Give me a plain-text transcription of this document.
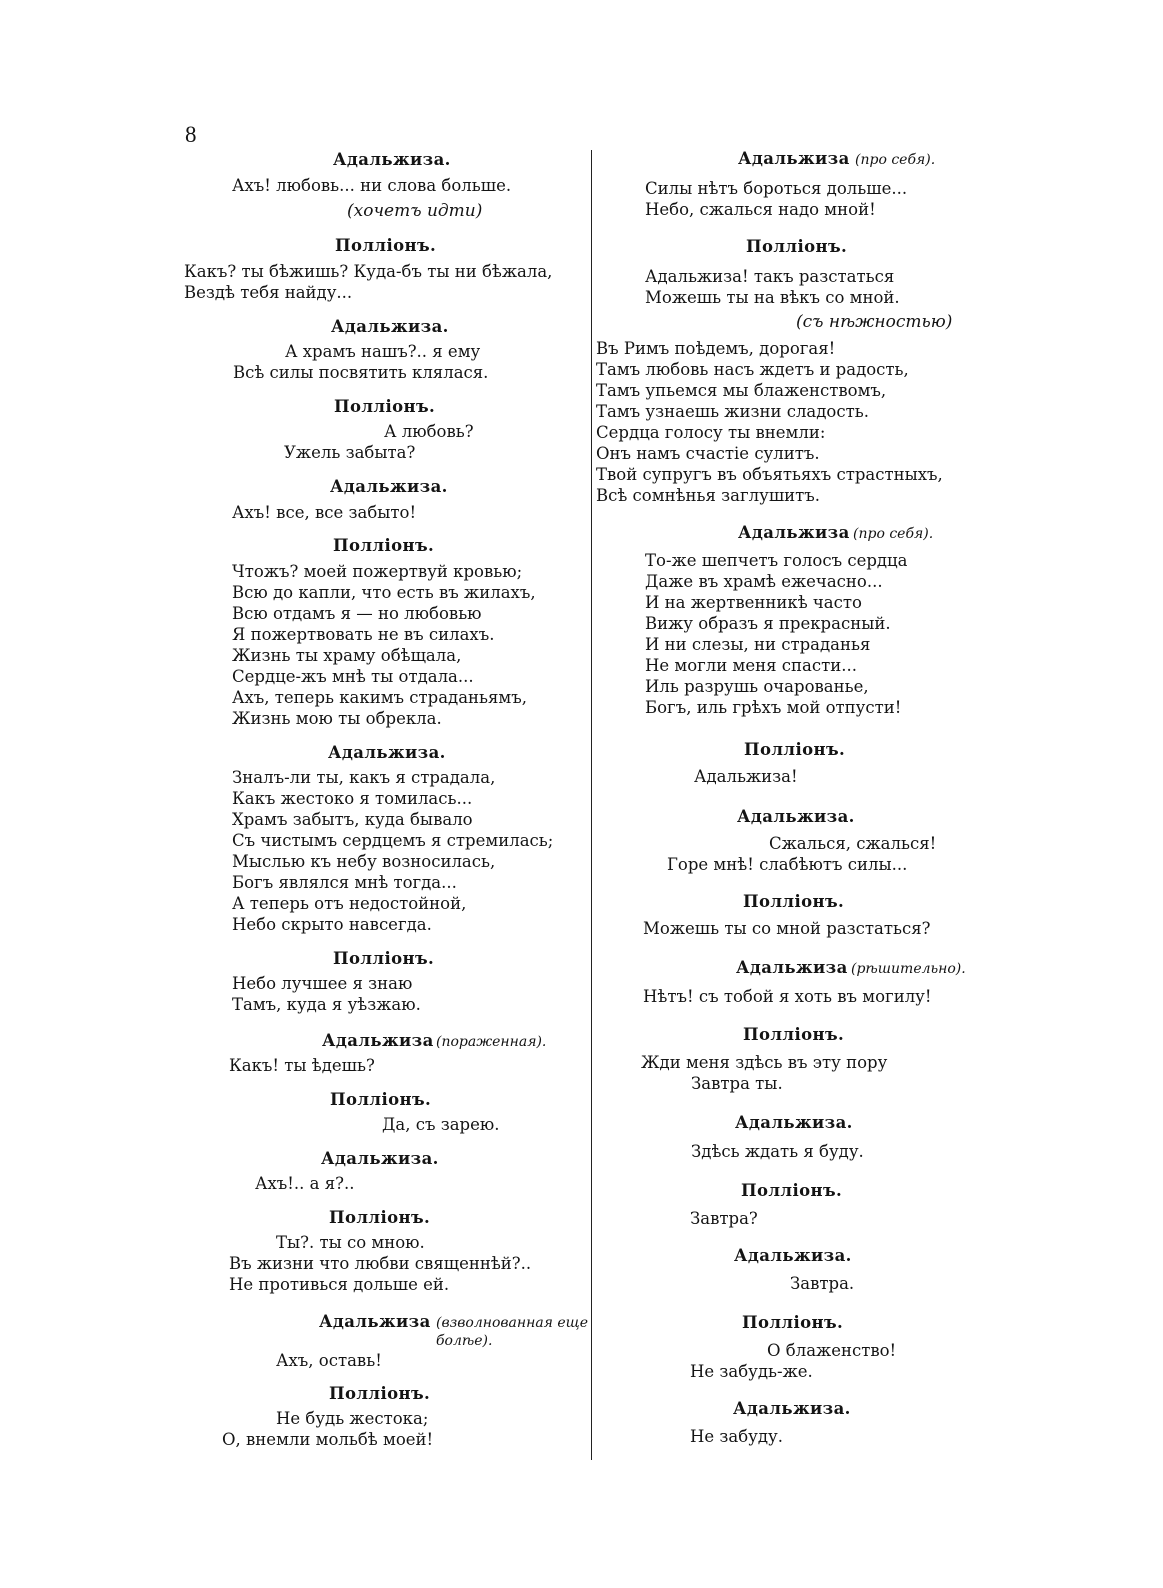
8
Адальжиза.
Ахъ! любовь... ни слова больше.
(хочетъ идти)
Поллiонъ.
Какъ? ты бѣжишь? Куда-бъ ты ни бѣжала,
Вездѣ тебя найду...
Адальжиза.
А храмъ нашъ?.. я ему
Всѣ силы посвятить клялася.
Поллiонъ.
А любовь?
Ужель забыта?
Адальжиза.
Ахъ! все, все забыто!
Поллiонъ.
Чтожъ? моей пожертвуй кровью;
Всю до капли, что есть въ жилахъ,
Всю отдамъ я — но любовью
Я пожертвовать не въ силахъ.
Жизнь ты храму обѣщала,
Сердце-жъ мнѣ ты отдала...
Ахъ, теперь какимъ страданьямъ,
Жизнь мою ты обрекла.
Адальжиза.
Зналъ-ли ты, какъ я страдала,
Какъ жестоко я томилась...
Храмъ забытъ, куда бывало
Съ чистымъ сердцемъ я стремилась;
Мыслью къ небу возносилась,
Богъ являлся мнѣ тогда...
А теперь отъ недостойной,
Небо скрыто навсегда.
Поллiонъ.
Небо лучшее я знаю
Тамъ, куда я уѣзжаю.
Адальжиза (пораженная).
Какъ! ты ѣдешь?
Поллiонъ.
Да, съ зарею.
Адальжиза.
Ахъ!.. а я?..
Поллiонъ.
Ты?. ты со мною.
Въ жизни что любви священнѣй?..
Не противься дольше ей.
Адальжиза (взволнованная еще
болѣе).
Ахъ, оставь!
Поллiонъ.
Не будь жестока;
О, внемли мольбѣ моей!
Адальжиза (про себя).
Силы нѣтъ бороться дольше...
Небо, сжалься надо мной!
Поллiонъ.
Адальжиза! такъ разстаться
Можешь ты на вѣкъ со мной.
(съ нѣжностью)
Въ Римъ поѣдемъ, дорогая!
Тамъ любовь насъ ждетъ и радость,
Тамъ упьемся мы блаженствомъ,
Тамъ узнаешь жизни сладость.
Сердца голосу ты внемли:
Онъ намъ счастiе сулитъ.
Твой супругъ въ объятьяхъ страстныхъ,
Всѣ сомнѣнья заглушитъ.
Адальжиза (про себя).
То-же шепчетъ голосъ сердца
Даже въ храмѣ ежечасно...
И на жертвенникѣ часто
Вижу образъ я прекрасный.
И ни слезы, ни страданья
Не могли меня спасти...
Иль разрушь очарованье,
Богъ, иль грѣхъ мой отпусти!
Поллiонъ.
Адальжиза!
Адальжиза.
Сжалься, сжалься!
Горе мнѣ! слабѣютъ силы...
Поллiонъ.
Можешь ты со мной разстаться?
Адальжиза (рѣшительно).
Нѣтъ! съ тобой я хоть въ могилу!
Поллiонъ.
Жди меня здѣсь въ эту пору
Завтра ты.
Адальжиза.
Здѣсь ждать я буду.
Поллiонъ.
Завтра?
Адальжиза.
Завтра.
Поллiонъ.
О блаженство!
Не забудь-же.
Адальжиза.
Не забуду.
